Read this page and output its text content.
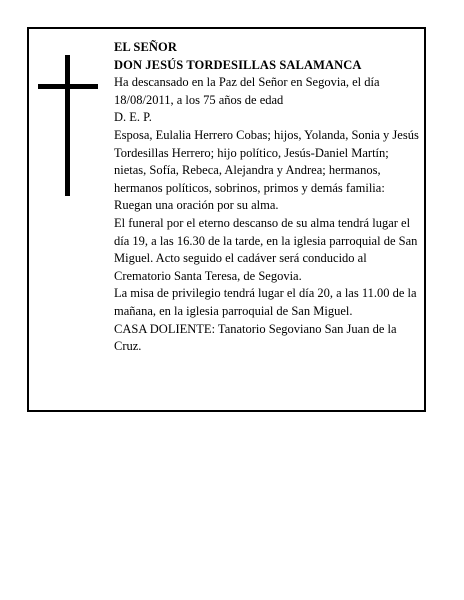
EL SEÑOR

DON JESÚS TORDESILLAS SALAMANCA

Ha descansado en la Paz del Señor en Segovia, el día 18/08/2011, a los 75 años de edad

D. E. P.

Esposa, Eulalia Herrero Cobas; hijos, Yolanda, Sonia y Jesús Tordesillas Herrero; hijo político, Jesús-Daniel Martín; nietas, Sofía, Rebeca, Alejandra y Andrea; hermanos, hermanos políticos, sobrinos, primos y demás familia:

Ruegan una oración por su alma.

El funeral por el eterno descanso de su alma tendrá lugar el día 19, a las 16.30 de la tarde, en la iglesia parroquial de San Miguel. Acto seguido el cadáver será conducido al Crematorio Santa Teresa, de Segovia.

La misa de privilegio tendrá lugar el día 20, a las 11.00 de la mañana, en la iglesia parroquial de San Miguel.

CASA DOLIENTE: Tanatorio Segoviano San Juan de la Cruz.
